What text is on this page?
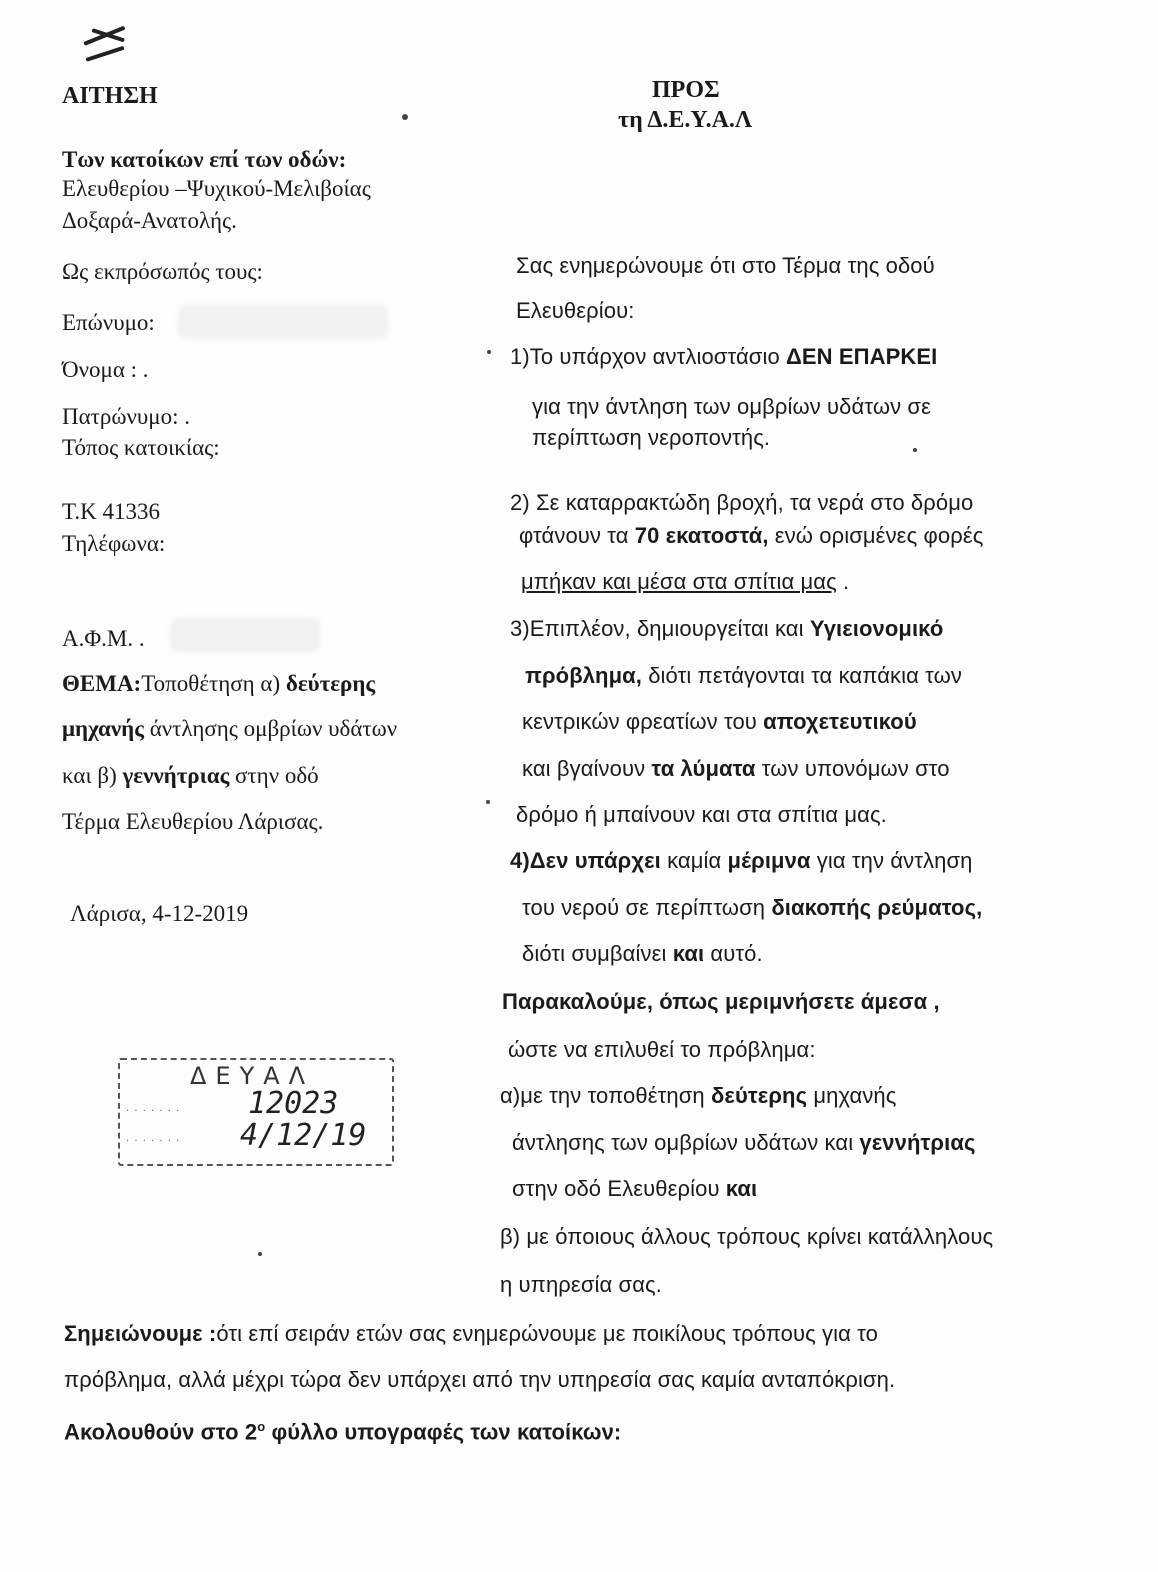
ΑΙΤΗΣΗ
Των κατοίκων επί των οδών:
Ελευθερίου –Ψυχικού-Μελιβοίας
Δοξαρά-Ανατολής.
Ως εκπρόσωπός τους:
Επώνυμο:
Όνομα : .
Πατρώνυμο: .
Τόπος κατοικίας:
Τ.Κ 41336
Τηλέφωνα:
Α.Φ.Μ. .
ΘΕΜΑ:Τοποθέτηση α) δεύτερης
μηχανής άντλησης ομβρίων υδάτων
και β) γεννήτριας στην οδό
Τέρμα Ελευθερίου Λάρισας.
Λάρισα, 4-12-2019
ΔΕΥΑΛ
· · · · · · ·
· · · · · · ·
12023
4/12/19
ΠΡΟΣ
τη Δ.Ε.Υ.Α.Λ
Σας ενημερώνουμε ότι στο Τέρμα της οδού
Ελευθερίου:
1)Το υπάρχον αντλιοστάσιο ΔΕΝ ΕΠΑΡΚΕΙ
για την άντληση των ομβρίων υδάτων σε
περίπτωση νεροποντής.
2) Σε καταρρακτώδη βροχή, τα νερά στο δρόμο
φτάνουν τα 70 εκατοστά, ενώ ορισμένες φορές
μπήκαν και μέσα στα σπίτια μας .
3)Επιπλέον, δημιουργείται και Υγιειονομικό
πρόβλημα, διότι πετάγονται τα καπάκια των
κεντρικών φρεατίων του αποχετευτικού
και βγαίνουν τα λύματα των υπονόμων στο
δρόμο ή μπαίνουν και στα σπίτια μας.
4)Δεν υπάρχει καμία μέριμνα για την άντληση
του νερού σε περίπτωση διακοπής ρεύματος,
διότι συμβαίνει και αυτό.
Παρακαλούμε, όπως μεριμνήσετε άμεσα ,
ώστε να επιλυθεί το πρόβλημα:
α)με την τοποθέτηση δεύτερης μηχανής
άντλησης των ομβρίων υδάτων και γεννήτριας
στην οδό Ελευθερίου και
β) με όποιους άλλους τρόπους κρίνει κατάλληλους
η υπηρεσία σας.
Σημειώνουμε :ότι επί σειράν ετών σας ενημερώνουμε με ποικίλους τρόπους για το
πρόβλημα, αλλά μέχρι τώρα δεν υπάρχει από την υπηρεσία σας καμία ανταπόκριση.
Ακολουθούν στο $2^o$ φύλλο υπογραφές των κατοίκων:
